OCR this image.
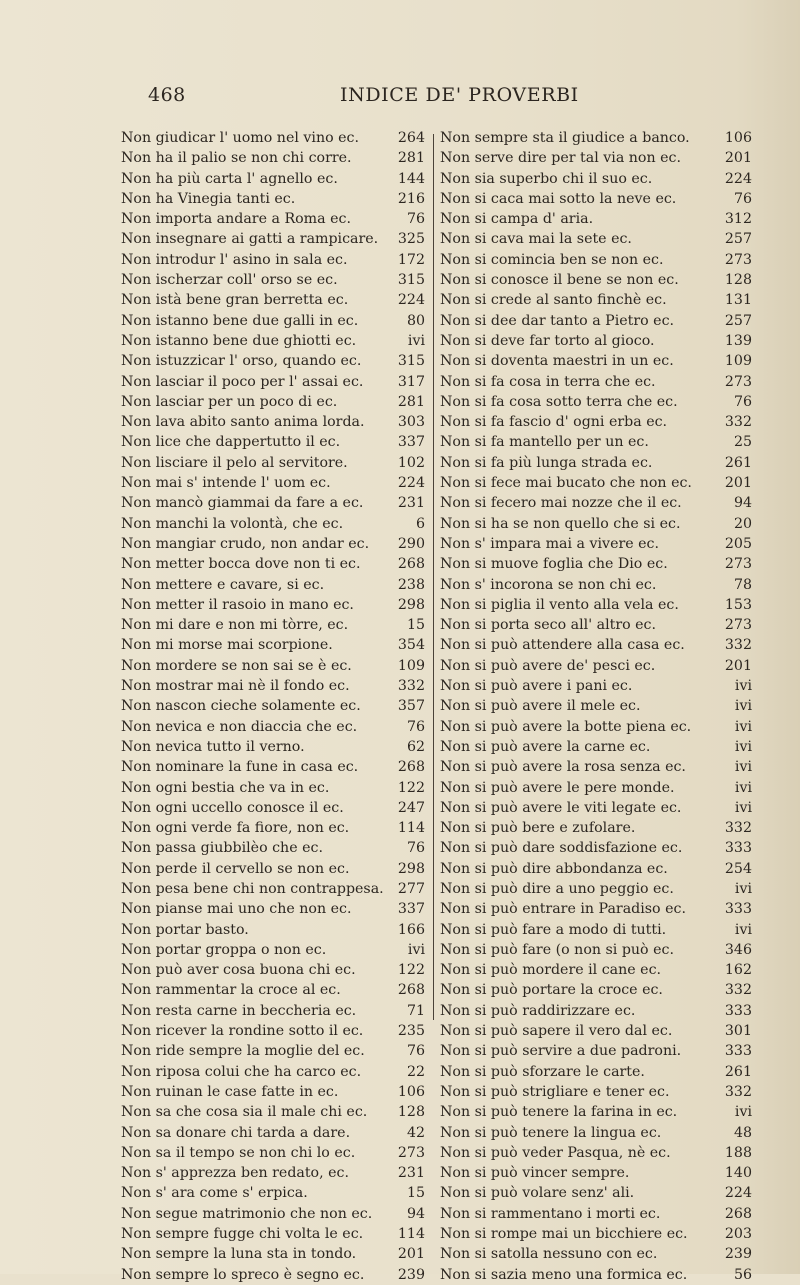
468	INDICE DE' PROVERBI
Non giudicar l' uomo nel vino ec.	264
Non ha il palio se non chi corre.	281
Non ha più carta l' agnello ec.	144
Non ha Vinegia tanti ec.	216
Non importa andare a Roma ec.	76
Non insegnare ai gatti a rampicare. 325
Non introdur l' asino in sala ec.	172
Non ischerzar coll' orso se ec.	315
Non istà bene gran berretta ec.	224
Non istanno bene due galli in ec.	80
Non istanno bene due ghiotti ec.	ivi
Non istuzzicar l' orso, quando ec.	315
Non lasciar il poco per l' assai ec. 317
Non lasciar per un poco di ec.	281
Non lava abito santo anima lorda. 303
Non lice che dappertutto il ec.	337
Non lisciare il pelo al servitore.	102
Non mai s' intende l' uom ec.	224
Non mancò giammai da fare a ec. 231
Non manchi la volontà, che ec.	6
Non mangiar crudo, non andar ec. 290
Non metter bocca dove non ti ec.	268
Non mettere e cavare, si ec.	238
Non metter il rasoio in mano ec.	298
Non mi dare e non mi tòrre, ec.	15
Non mi morse mai scorpione.	354
Non mordere se non sai se è ec.	109
Non mostrar mai nè il fondo ec.	332
Non nascon cieche solamente ec.	357
Non nevica e non diaccia che ec.	76
Non nevica tutto il verno.	62
Non nominare la fune in casa ec.	268
Non ogni bestia che va in ec.	122
Non ogni uccello conosce il ec.	247
Non ogni verde fa fiore, non ec.	114
Non passa giubbilèo che ec.	76
Non perde il cervello se non ec.	298
Non pesa bene chi non contrappesa. 277
Non pianse mai uno che non ec.	337
Non portar basto.	166
Non portar groppa o non ec.	ivi
Non può aver cosa buona chi ec.	122
Non rammentar la croce al ec.	268
Non resta carne in beccheria ec.	71
Non ricever la rondine sotto il ec. 235
Non ride sempre la moglie del ec.	76
Non riposa colui che ha carco ec.	22
Non ruinan le case fatte in ec.	106
Non sa che cosa sia il male chi ec. 128
Non sa donare chi tarda a dare.	42
Non sa il tempo se non chi lo ec.	273
Non s' apprezza ben redato, ec.	231
Non s' ara come s' erpica.	15
Non segue matrimonio che non ec. 94
Non sempre fugge chi volta le ec. 114
Non sempre la luna sta in tondo.	201
Non sempre lo spreco è segno ec. 239
Non sempre sta il giudice a banco. 106
Non serve dire per tal via non ec.	201
Non sia superbo chi il suo ec.	224
Non si caca mai sotto la neve ec.	76
Non si campa d' aria.	312
Non si cava mai la sete ec.	257
Non si comincia ben se non ec.	273
Non si conosce il bene se non ec.	128
Non si crede al santo finchè ec.	131
Non si dee dar tanto a Pietro ec.	257
Non si deve far torto al gioco.	139
Non si doventa maestri in un ec.	109
Non si fa cosa in terra che ec.	273
Non si fa cosa sotto terra che ec.	76
Non si fa fascio d' ogni erba ec.	332
Non si fa mantello per un ec.	25
Non si fa più lunga strada ec.	261
Non si fece mai bucato che non ec. 201
Non si fecero mai nozze che il ec.	94
Non si ha se non quello che si ec.	20
Non s' impara mai a vivere ec.	205
Non si muove foglia che Dio ec.	273
Non s' incorona se non chi ec.	78
Non si piglia il vento alla vela ec.	153
Non si porta seco all' altro ec.	273
Non si può attendere alla casa ec.	332
Non si può avere de' pesci ec.	201
Non si può avere i pani ec.	ivi
Non si può avere il mele ec.	ivi
Non si può avere la botte piena ec.	ivi
Non si può avere la carne ec.	ivi
Non si può avere la rosa senza ec.	ivi
Non si può avere le pere monde.	ivi
Non si può avere le viti legate ec.	ivi
Non si può bere e zufolare.	332
Non si può dare soddisfazione ec.	333
Non si può dire abbondanza ec.	254
Non si può dire a uno peggio ec.	ivi
Non si può entrare in Paradiso ec.	333
Non si può fare a modo di tutti.	ivi
Non si può fare (o non si può ec.	346
Non si può mordere il cane ec.	162
Non si può portare la croce ec.	332
Non si può raddirizzare ec.	333
Non si può sapere il vero dal ec.	301
Non si può servire a due padroni.	333
Non si può sforzare le carte.	261
Non si può strigliare e tener ec.	332
Non si può tenere la farina in ec.	ivi
Non si può tenere la lingua ec.	48
Non si può veder Pasqua, nè ec.	188
Non si può vincer sempre.	140
Non si può volare senz' ali.	224
Non si rammentano i morti ec.	268
Non si rompe mai un bicchiere ec.	203
Non si satolla nessuno con ec.	239
Non si sazia meno una formica ec.	56
